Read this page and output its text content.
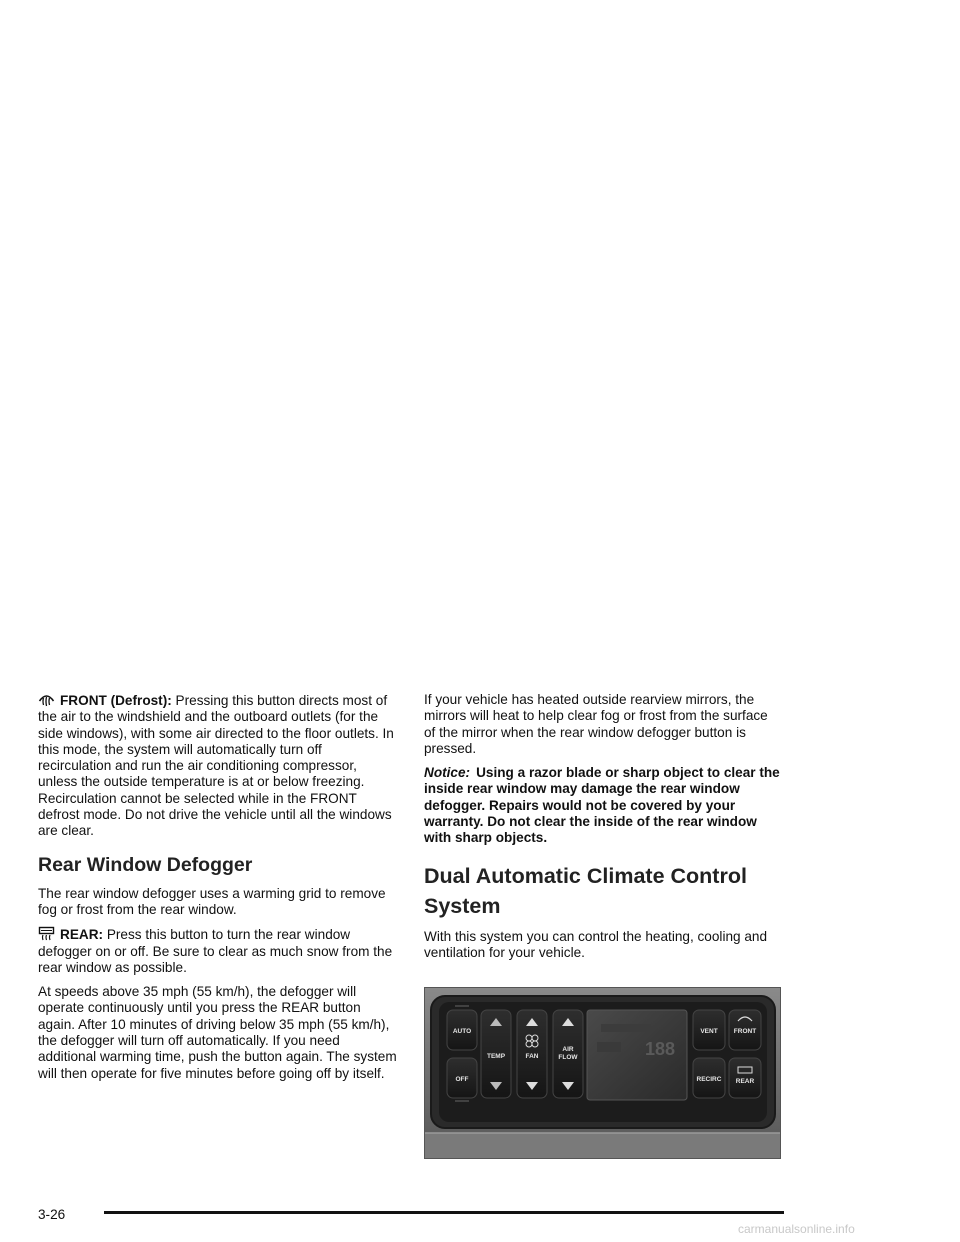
FRONT (Defrost): Pressing this button directs most of the air to the windshield and the outboard outlets (for the side windows), with some air directed to the floor outlets. In this mode, the system will automatically turn off recirculation and run the air conditioning compressor, unless the outside temperature is at or below freezing. Recirculation cannot be selected while in the FRONT defrost mode. Do not drive the vehicle until all the windows are clear.

Rear Window Defogger

The rear window defogger uses a warming grid to remove fog or frost from the rear window.

REAR: Press this button to turn the rear window defogger on or off. Be sure to clear as much snow from the rear window as possible.

At speeds above 35 mph (55 km/h), the defogger will operate continuously until you press the REAR button again. After 10 minutes of driving below 35 mph (55 km/h), the defogger will turn off automatically. If you need additional warming time, push the button again. The system will then operate for five minutes before going off by itself.

If your vehicle has heated outside rearview mirrors, the mirrors will heat to help clear fog or frost from the surface of the mirror when the rear window defogger button is pressed.

Notice: Using a razor blade or sharp object to clear the inside rear window may damage the rear window defogger. Repairs would not be covered by your warranty. Do not clear the inside of the rear window with sharp objects.

Dual Automatic Climate Control System

With this system you can control the heating, cooling and ventilation for your vehicle.

AUTO
OFF
TEMP	FAN
AIR
FLOW
VENT FRONT
RECIRC REAR
188
3-26
carmanualsonline.info
